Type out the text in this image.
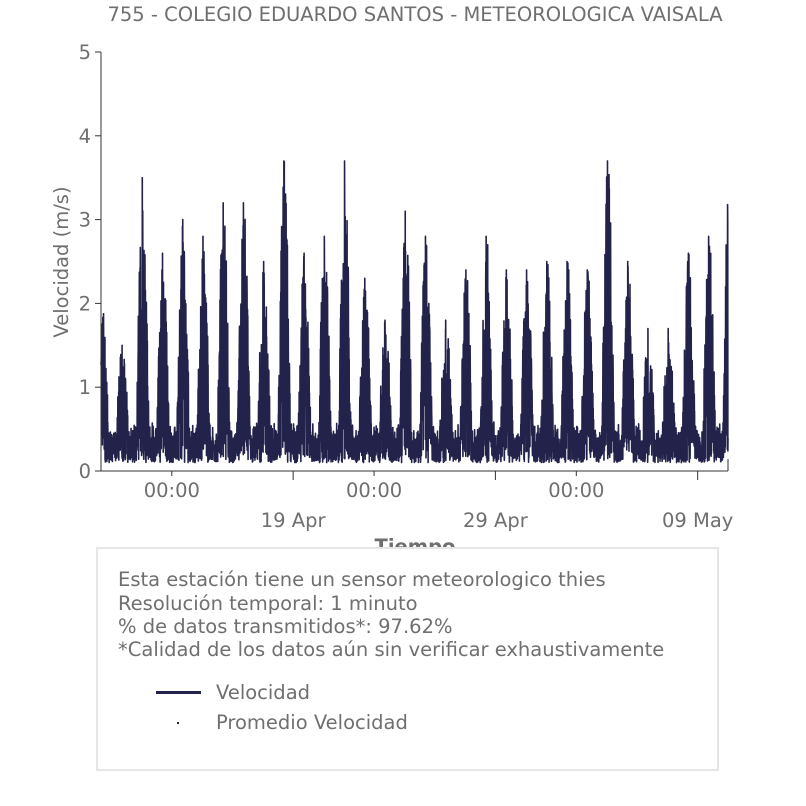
0
1
2
3
4
5
00:00	00:00	00:00
19 Apr	29 Apr	09 May
755 - COLEGIO EDUARDO SANTOS - METEOROLOGICA VAISALA
Velocidad (m/s)
Esta estación tiene un sensor meteorologico thies
Resolución temporal: 1 minuto
% de datos transmitidos*: 97.62%
*Calidad de los datos aún sin verificar exhaustivamente
Velocidad
Promedio Velocidad
